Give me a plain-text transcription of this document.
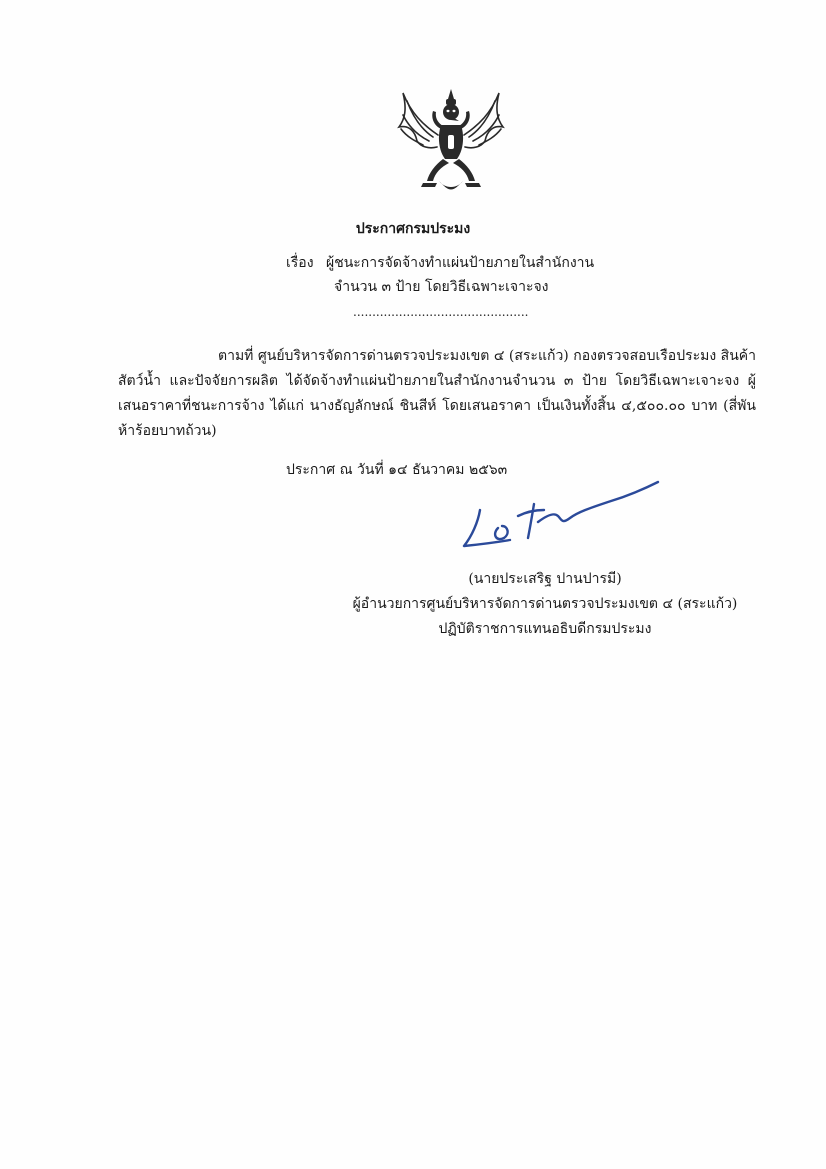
ประกาศกรมประมง
เรื่อง ผู้ชนะการจัดจ้างทำแผ่นป้ายภายในสำนักงาน
จำนวน ๓ ป้าย โดยวิธีเฉพาะเจาะจง
..............................................
ตามที่ ศูนย์บริหารจัดการด่านตรวจประมงเขต ๔ (สระแก้ว) กองตรวจสอบเรือประมง สินค้าสัตว์น้ำ และปัจจัยการผลิต ได้จัดจ้างทำแผ่นป้ายภายในสำนักงานจำนวน ๓ ป้าย โดยวิธีเฉพาะเจาะจง ผู้เสนอราคาที่ชนะการจ้าง ได้แก่ นางธัญลักษณ์ ชินสีห์ โดยเสนอราคา เป็นเงินทั้งสิ้น ๔,๕๐๐.๐๐ บาท (สี่พันห้าร้อยบาทถ้วน)
ประกาศ ณ วันที่ ๑๔ ธันวาคม ๒๕๖๓
(นายประเสริฐ ปานปารมี)
ผู้อำนวยการศูนย์บริหารจัดการด่านตรวจประมงเขต ๔ (สระแก้ว)
ปฏิบัติราชการแทนอธิบดีกรมประมง
